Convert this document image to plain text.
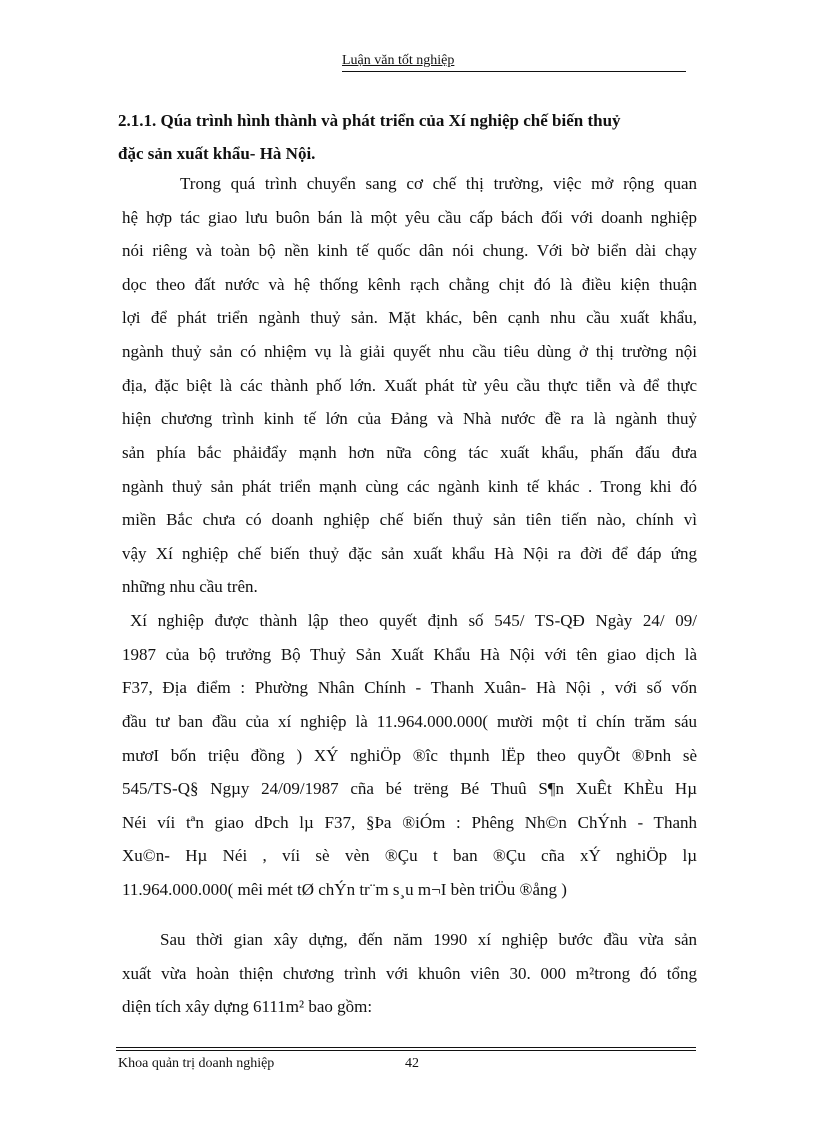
Luận văn tốt nghiệp
2.1.1. Qúa trình hình thành và phát triển của Xí nghiệp chế biến thuỷ
đặc sản xuất khẩu- Hà Nội.
Trong quá trình chuyển sang cơ chế thị trường, việc mở rộng quan
hệ hợp tác giao lưu buôn bán là một yêu cầu cấp bách đối với doanh nghiệp
nói riêng và toàn bộ nền kinh tế quốc dân nói chung. Với bờ biển dài chạy
dọc theo đất nước và hệ thống kênh rạch chằng chịt đó là điều kiện thuận
lợi để phát triển ngành thuỷ sản. Mặt khác, bên cạnh nhu cầu xuất khẩu,
ngành thuỷ sản có nhiệm vụ là giải quyết nhu cầu tiêu dùng ở thị trường nội
địa, đặc biệt là các thành phố lớn. Xuất phát từ yêu cầu thực tiễn và để thực
hiện chương trình kinh tế lớn của Đảng và Nhà nước đề ra là ngành thuỷ
sản phía bắc phảiđẩy mạnh hơn nữa công tác xuất khẩu, phấn đấu đưa
ngành thuỷ sản phát triển mạnh cùng các ngành kinh tế khác . Trong khi đó
miền Bắc chưa có doanh nghiệp chế biến thuỷ sản tiên tiến nào, chính vì
vậy Xí nghiệp chế biến thuỷ đặc sản xuất khẩu Hà Nội ra đời để đáp ứng
những nhu cầu trên.
Xí nghiệp được thành lập theo quyết định số 545/ TS-QĐ Ngày 24/ 09/
1987 của bộ trưởng Bộ Thuỷ Sản Xuất Khẩu Hà Nội với tên giao dịch là
F37, Địa điểm : Phường Nhân Chính - Thanh Xuân- Hà Nội , với số vốn
đầu tư ban đầu của xí nghiệp là 11.964.000.000( mười một tỉ chín trăm sáu
mươI bốn triệu đồng ) XÝ nghiÖp ®îc thµnh lËp theo quyÕt ®Þnh sè
545/TS-Q§ Ngµy 24/09/1987 cña bé trëng Bé Thuû S¶n XuÊt KhÈu Hµ
Néi víi tªn giao dÞch lµ F37, §Þa ®iÓm : Phêng Nh©n ChÝnh - Thanh
Xu©n- Hµ Néi , víi sè vèn ®Çu t ban ®Çu cña xÝ nghiÖp lµ
11.964.000.000( mêi mét tØ chÝn tr¨m s¸u m¬I bèn triÖu ®ång )
Sau thời gian xây dựng, đến năm 1990 xí nghiệp bước đầu vừa sản
xuất vừa hoàn thiện chương trình với khuôn viên 30. 000 m²trong đó tổng
diện tích xây dựng 6111m² bao gồm:
Khoa quản trị doanh nghiệp	42
